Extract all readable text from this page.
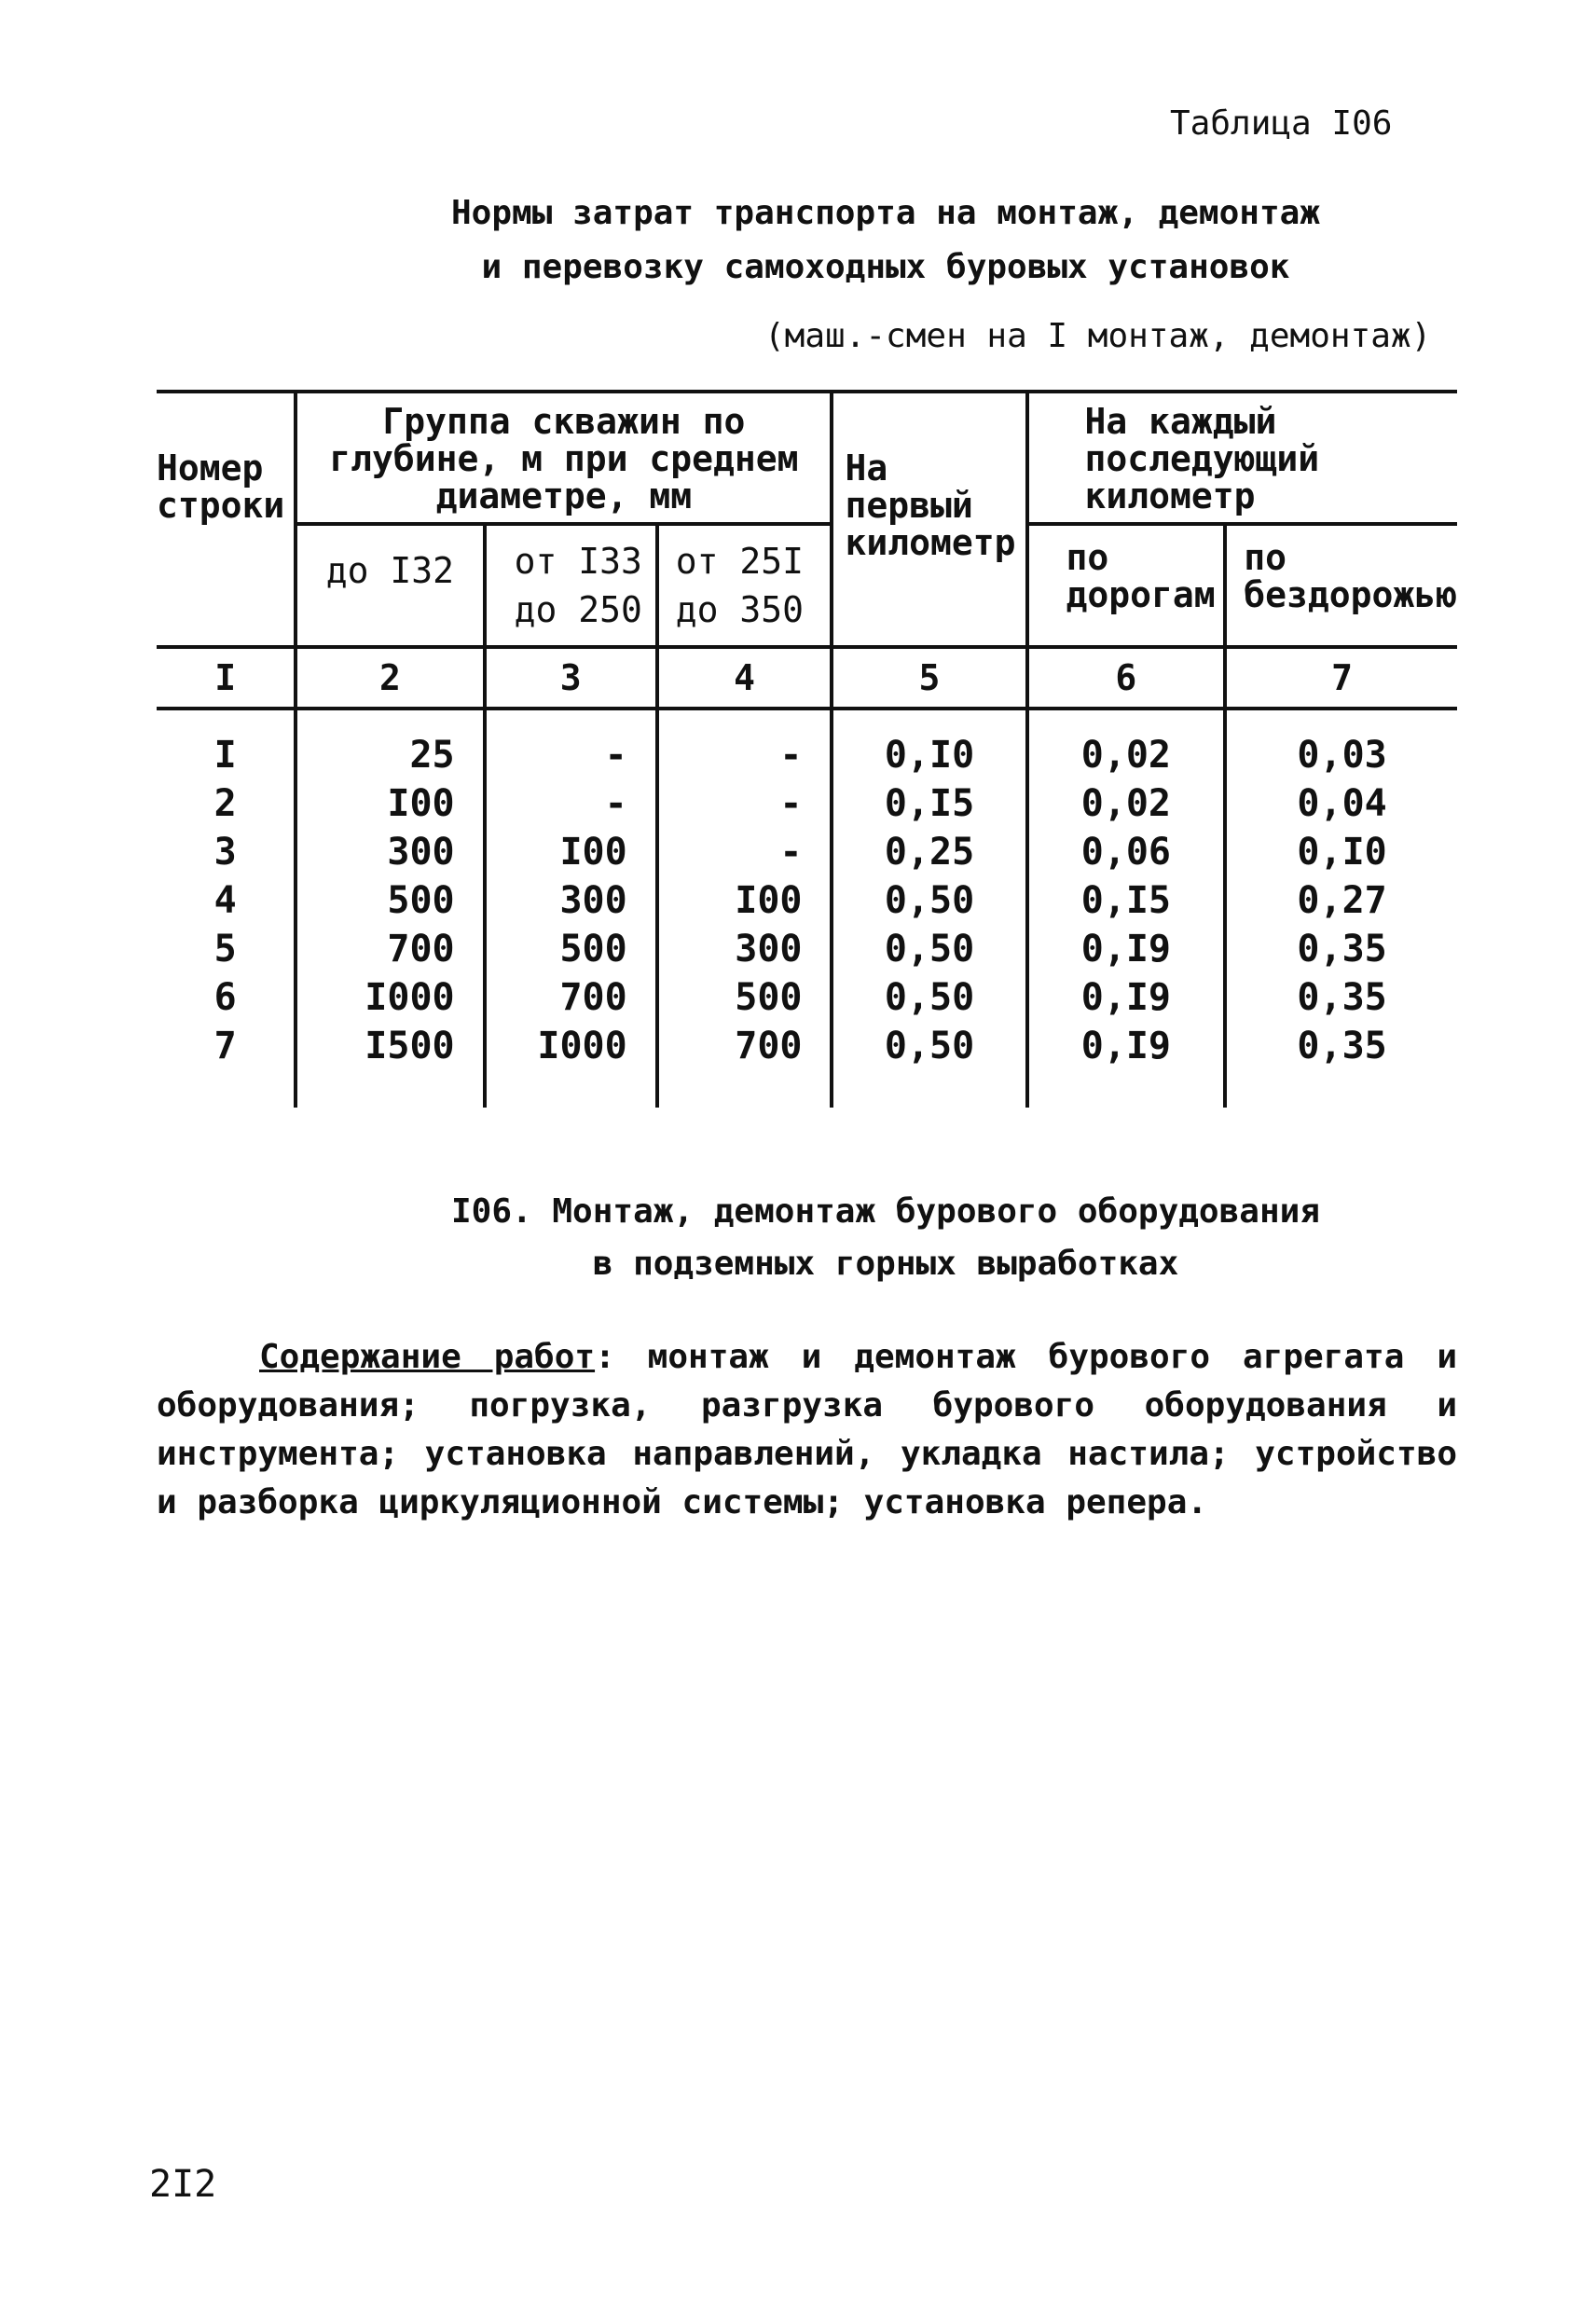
Таблица I06
Нормы затрат транспорта на монтаж, демонтаж
и перевозку самоходных буровых установок
(маш.-смен на I монтаж, демонтаж)
Номер строки	Группа скважин по глубине, м при среднем диаметре, мм			На первый километр	На каждый последующий километр	
	до I32	от I33 до 250	от 25I до 350		по дорогам	по бездорожью
I	2	3	4	5	6	7

I	25	-	-	0,I0	0,02	0,03
2	I00	-	-	0,I5	0,02	0,04
3	300	I00	-	0,25	0,06	0,I0
4	500	300	I00	0,50	0,I5	0,27
5	700	500	300	0,50	0,I9	0,35
6	I000	700	500	0,50	0,I9	0,35
7	I500	I000	700	0,50	0,I9	0,35

I06. Монтаж, демонтаж бурового оборудования
в подземных горных выработках
Содержание работ: монтаж и демонтаж бурового агрегата и оборудования; погрузка, разгрузка бурового оборудования и инструмента; установка направлений, укладка настила; устройство и разборка циркуляционной системы; установка репера.
2I2
